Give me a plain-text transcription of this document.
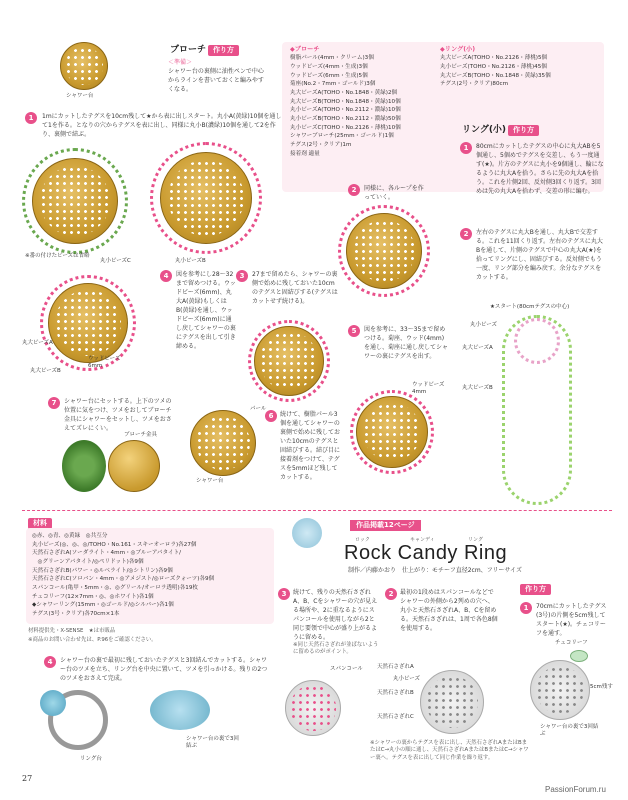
シャワー台
ブローチ 作り方
＜準備＞
シャワー台の裏側に油性ペンで中心からラインを書いておくと編みやすくなる。
◆ブローチ
樹脂パール(4mm・クリーム)3個
ウッドビーズ(4mm・生成)3個
ウッドビーズ(6mm・生成)5個
菊座(No.2・7mm・ゴールド)3個
丸大ビーズA(TOHO・No.1848・黄緑)2個
丸大ビーズB(TOHO・No.1848・黄緑)10個
丸小ビーズA(TOHO・No.2112・濃緑)10個
丸小ビーズB(TOHO・No.2112・濃緑)50個
丸小ビーズC(TOHO・No.2126・薄桃)10個
シャワーブローチ(25mm・ゴールド)1個
テグス(2号・クリア)1m
接着剤 適量
◆リング(小)
丸大ビーズA(TOHO・No.2126・薄桃)5個
丸小ビーズ(TOHO・No.2126・薄桃)45個
丸大ビーズB(TOHO・No.1848・黄緑)35個
テグス(2号・クリア)80cm
1	1mにカットしたテグスを10cm残して★から表に出しスタート。丸小A(黄緑)10個を通して1を作る。となりの穴からテグスを表に出し、同様に丸小B(濃緑)10個を通して2を作り、裏側で結ぶ。
丸小ビーズC	丸小ビーズB
※番の付けたビーズは省略
2	同様に、各ループを作っていく。
3	27まで留めたら、シャワーの裏側で始めに残しておいた10cmのテグスと固結びする(テグスはカットせず続ける)。
4	図を参考にし28〜32まで留めつける。ウッドビーズ(6mm)、丸大A(黄緑)もしくはB(黄緑)を通し、ウッドビーズ(6mm)に通し戻してシャワーの裏にテグスを出して引き締める。
丸大ビーズA
丸大ビーズB
ウッドビーズ 6mm
5	図を参考に、33〜35まで留めつける。菊座、ウッド(4mm)を通し、菊座に通し戻してシャワーの裏にテグスを出す。
ウッドビーズ 4mm
6	続けて、樹脂パール3個を通してシャワーの裏側で始めに残しておいた10cmのテグスと固結びする。結び目に接着剤をつけて、テグスを5mmほど残してカットする。
パール
シャワー台
7	シャワー台にセットする。上下のツメの位置に気をつけ、ツメをおしてブローチ金具にシャワーをセットし、ツメをおさえてズレにくい。
ブローチ金具
リング(小) 作り方
1	80cmにカットしたテグスの中心に丸大ABを5個通し、5個めでテグスを交差し、もう一度通す(★)。片方のテグスに丸小を9個通し、輪になるように丸大Aを拾う。さらに先の丸大Aを拾う。これを片側2回、反対側3回くり返す。3回めは先の丸大Aを拾わず、交差の形に編む。
2	左右のテグスに丸大Bを通し、丸大Bで交差する。これを11回くり返す。左右のテグスに丸大Bを通して、片側のテグスで中心の丸大A(★)を拾ってリングにし、固結びする。反対側でもう一度、リング部分を編み戻す。余分なテグスをカットする。
★スタート(80cmテグスの中心)
丸小ビーズ
丸大ビーズA
丸大ビーズB
材料
◎赤、◎青、◎黄緑　◎共互分
丸小ビーズ(◎、◎、◎/TOHO・No.161・スキーオーロラ)各27個
天然石さざれA(ソーダライト・4mm・◎ブルーアパタイト/
　◎グリーンアパタイト/◎ペリドット)各9個
天然石さざれB(パワー・◎ルベライト/◎シトリン)各9個
天然石さざれC(ソロバン・4mm・◎アメジスト/◎ローズクォーツ)各9個
スパンコール(亀甲・5mm・◎、◎グリール/オーロラ透明)各19枚
チェコリーフ(12×7mm・◎、◎ホワイト)各1個
◆シャワーリング(15mm・◎ゴールド/◎シルバー)各1個
テグス(3号・クリア)各70cm×1本
材料提供先・X-SENSE　★は市販品
※商品のお問い合わせ先は、P.96をご確認ください。
4	シャワー台の裏で最初に残しておいたテグスと3回結んでカットする。シャワー台のツメを立ち、リング台を中央に置いて、ツメを引っかける。残りの2つのツメをおさえて完成。
リング台
シャワー台の裏で3回結ぶ
作品掲載12ページ
ロック	キャンディ	リング
Rock Candy Ring
制作／内藤かおり　仕上がり：モチーフ直径2cm、フリーサイズ
作り方
1	70cmにカットしたテグス(3号)の片側を5cm残してスタート(★)。チェコリーフを通す。
2	最初の1段めはスパンコールなどでシャワーの外側から2列めの穴へ、丸小と天然石さざれA、B、Cを留める。天然石さざれは、1周で各色8個を使用する。
3	続けて、残りの天然石さざれA、B、Cをシャワーの穴が見える場所や、2に重なるようにスパンコールを使用しながら2と同じ要領で中心が盛り上がるように留める。
※同じ天然石さざれが並ばないように留めるのがポイント。
スパンコール	天然石さざれA
丸小ビーズ
天然石さざれB
天然石さざれC
チェコリーフ
5cm残す
シャワー台の裏で3回結ぶ
※シャワーの裏からテグスを表に出し、天然石さざれAまたはBまたはC→丸小の順に通し、天然石さざれAまたはBまたはC→シャワー裏へ。テグスを表に出して同じ作業を繰り返す。
27
PassionForum.ru
